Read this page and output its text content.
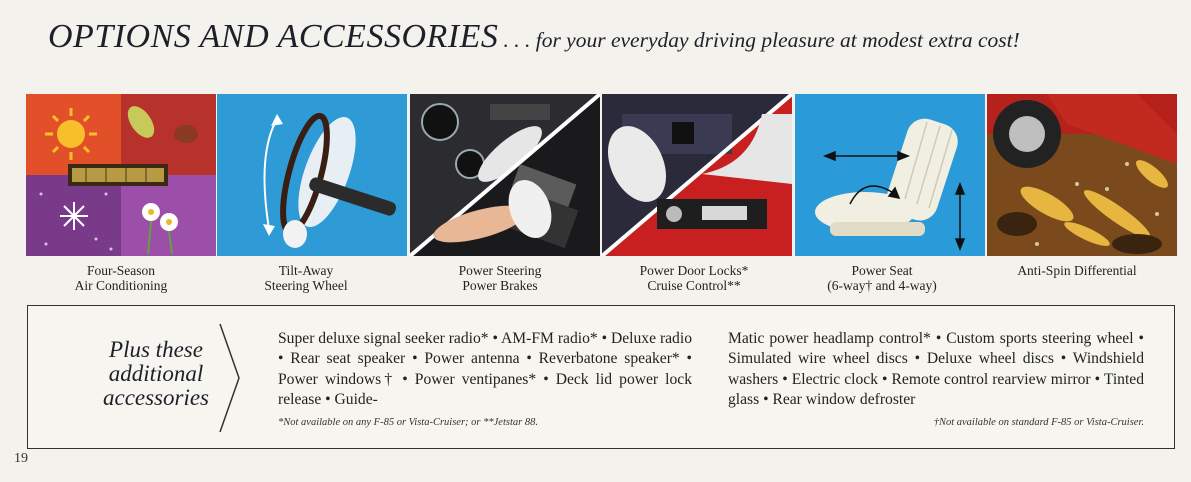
OPTIONS AND ACCESSORIES . . . for your everyday driving pleasure at modest extra cost!
Four-Season
Air Conditioning
Tilt-Away
Steering Wheel
Power Steering
Power Brakes
Power Door Locks*
Cruise Control**
Power Seat
(6-way† and 4-way)
Anti-Spin Differential
Plus these
additional
accessories
Super deluxe signal seeker radio* • AM-FM radio* • Deluxe radio • Rear seat speaker • Power antenna • Reverbatone speaker* • Power windows† • Power ventipanes* • Deck lid power lock release • Guide-
Matic power headlamp control* • Custom sports steering wheel • Simulated wire wheel discs • Deluxe wheel discs • Windshield washers • Electric clock • Remote control rearview mirror • Tinted glass • Rear window defroster
*Not available on any F-85 or Vista-Cruiser; or **Jetstar 88.	†Not available on standard F-85 or Vista-Cruiser.
19
